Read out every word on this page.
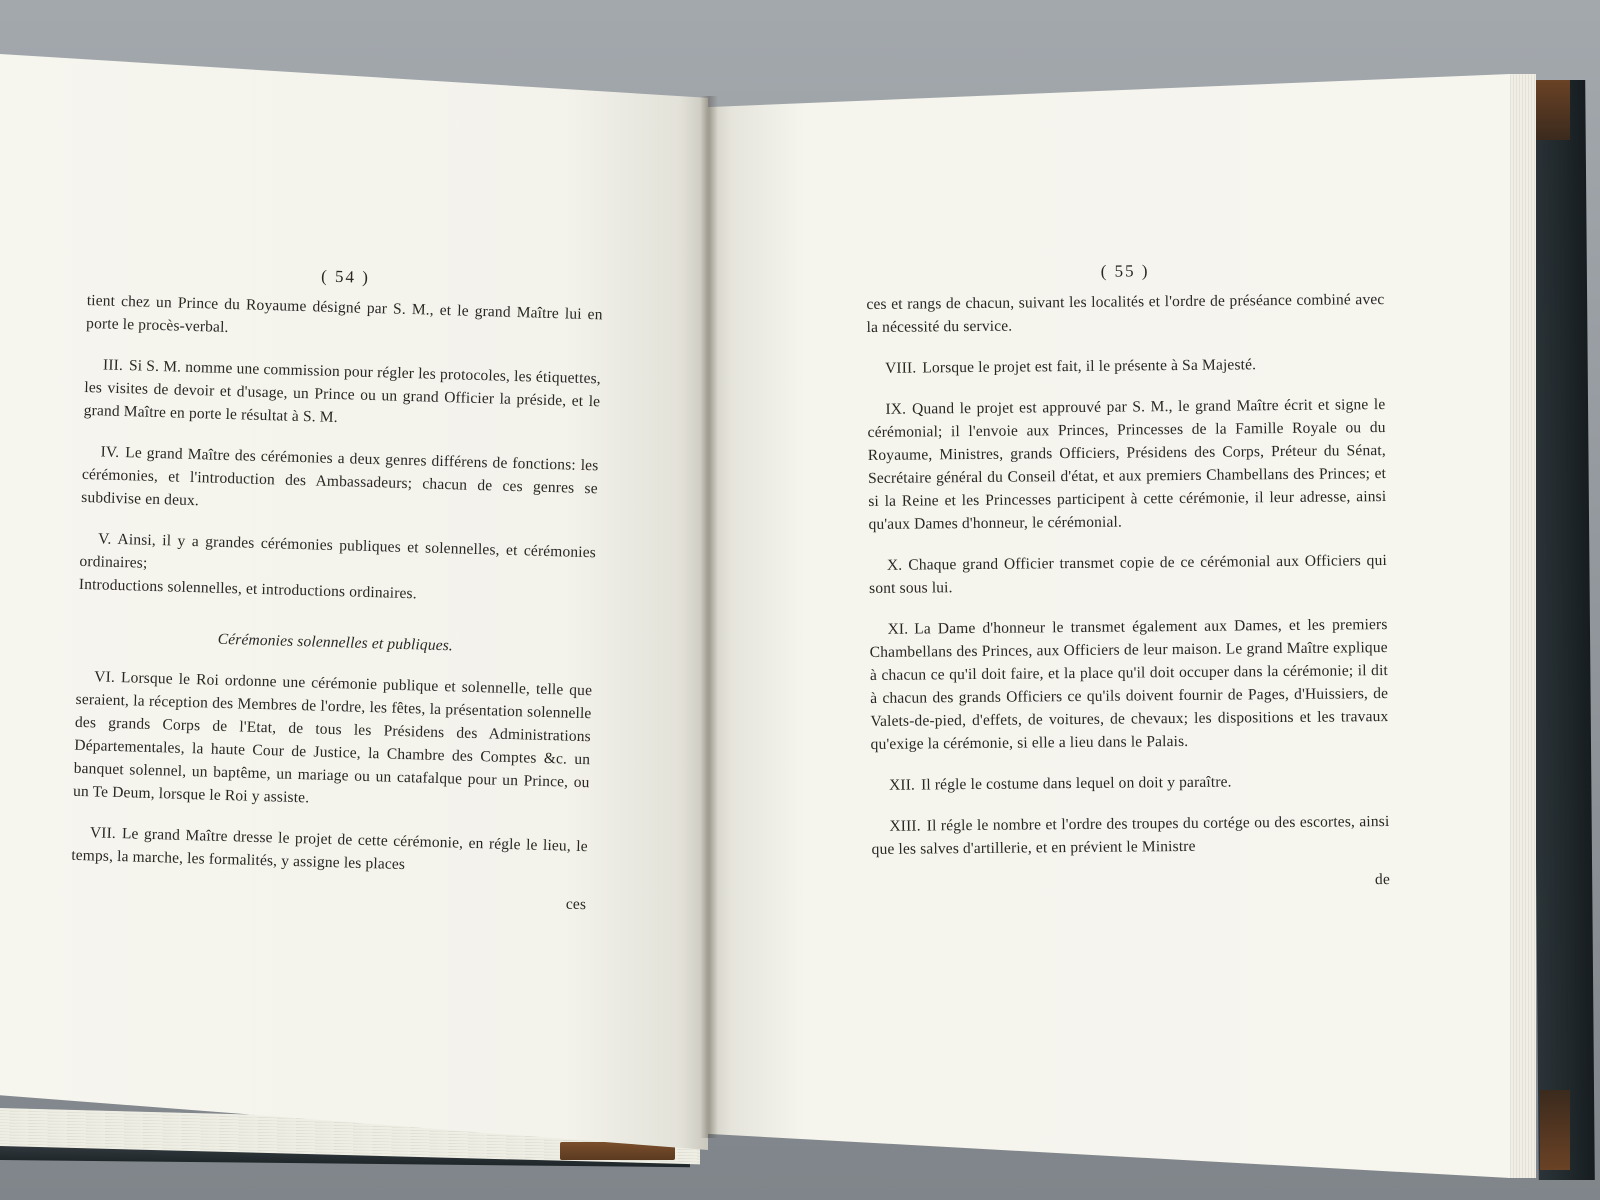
( 54 )

tient chez un Prince du Royaume désigné par S. M., et le grand Maître lui en porte le procès-verbal.

III. Si S. M. nomme une commission pour régler les protocoles, les étiquettes, les visites de devoir et d'usage, un Prince ou un grand Officier la préside, et le grand Maître en porte le résultat à S. M.

IV. Le grand Maître des cérémonies a deux genres différens de fonctions: les cérémonies, et l'introduction des Ambassadeurs; chacun de ces genres se subdivise en deux.

V. Ainsi, il y a grandes cérémonies publiques et solennelles, et cérémonies ordinaires;
Introductions solennelles, et introductions ordinaires.

Cérémonies solennelles et publiques.

VI. Lorsque le Roi ordonne une cérémonie publique et solennelle, telle que seraient, la réception des Membres de l'ordre, les fêtes, la présentation solennelle des grands Corps de l'Etat, de tous les Présidens des Administrations Départementales, la haute Cour de Justice, la Chambre des Comptes &c. un banquet solennel, un baptême, un mariage ou un catafalque pour un Prince, ou un Te Deum, lorsque le Roi y assiste.

VII. Le grand Maître dresse le projet de cette cérémonie, en régle le lieu, le temps, la marche, les formalités, y assigne les places

ces
( 55 )

ces et rangs de chacun, suivant les localités et l'ordre de préséance combiné avec la nécessité du service.

VIII. Lorsque le projet est fait, il le présente à Sa Majesté.

IX. Quand le projet est approuvé par S. M., le grand Maître écrit et signe le cérémonial; il l'envoie aux Princes, Princesses de la Famille Royale ou du Royaume, Ministres, grands Officiers, Présidens des Corps, Préteur du Sénat, Secrétaire général du Conseil d'état, et aux premiers Chambellans des Princes; et si la Reine et les Princesses participent à cette cérémonie, il leur adresse, ainsi qu'aux Dames d'honneur, le cérémonial.

X. Chaque grand Officier transmet copie de ce cérémonial aux Officiers qui sont sous lui.

XI. La Dame d'honneur le transmet également aux Dames, et les premiers Chambellans des Princes, aux Officiers de leur maison. Le grand Maître explique à chacun ce qu'il doit faire, et la place qu'il doit occuper dans la cérémonie; il dit à chacun des grands Officiers ce qu'ils doivent fournir de Pages, d'Huissiers, de Valets-de-pied, d'effets, de voitures, de chevaux; les dispositions et les travaux qu'exige la cérémonie, si elle a lieu dans le Palais.

XII. Il régle le costume dans lequel on doit y paraître.

XIII. Il régle le nombre et l'ordre des troupes du cortége ou des escortes, ainsi que les salves d'artillerie, et en prévient le Ministre

de
